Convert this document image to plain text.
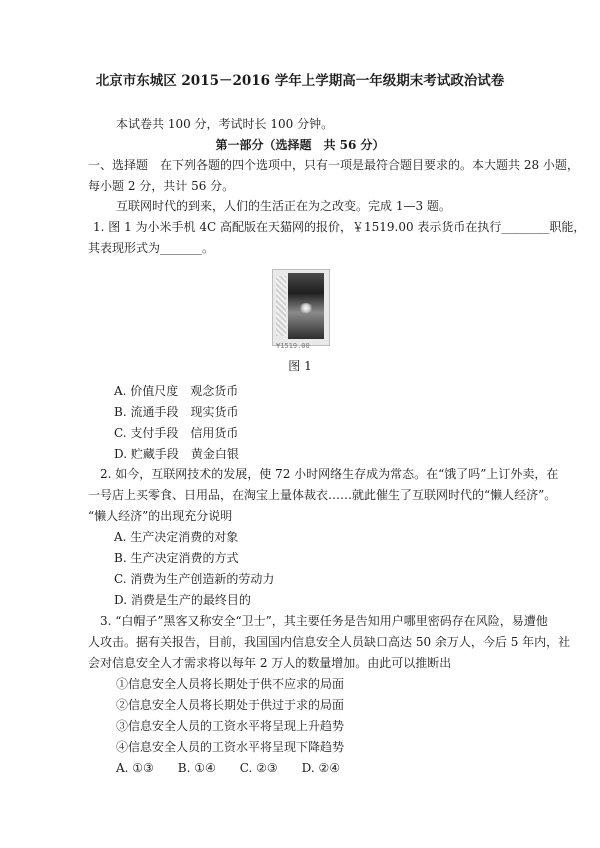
北京市东城区 2015－2016 学年上学期高一年级期末考试政治试卷
本试卷共 100 分，考试时长 100 分钟。
第一部分（选择题　共 56 分）
一、选择题　在下列各题的四个选项中，只有一项是最符合题目要求的。本大题共 28 小题，
每小题 2 分，共计 56 分。
互联网时代的到来，人们的生活正在为之改变。完成 1—3 题。
1. 图 1 为小米手机 4C 高配版在天猫网的报价，￥1519.00 表示货币在执行________职能，
其表现形式为_______。
¥1519.00
图 1
A. 价值尺度　观念货币
B. 流通手段　现实货币
C. 支付手段　信用货币
D. 贮藏手段　黄金白银
2. 如今，互联网技术的发展，使 72 小时网络生存成为常态。在“饿了吗”上订外卖，在
一号店上买零食、日用品，在淘宝上量体裁衣……就此催生了互联网时代的“懒人经济”。
“懒人经济”的出现充分说明
A. 生产决定消费的对象
B. 生产决定消费的方式
C. 消费为生产创造新的劳动力
D. 消费是生产的最终目的
3. “白帽子”黑客又称安全“卫士”，其主要任务是告知用户哪里密码存在风险，易遭他
人攻击。据有关报告，目前，我国国内信息安全人员缺口高达 50 余万人，今后 5 年内，社
会对信息安全人才需求将以每年 2 万人的数量增加。由此可以推断出
①信息安全人员将长期处于供不应求的局面
②信息安全人员将长期处于供过于求的局面
③信息安全人员的工资水平将呈现上升趋势
④信息安全人员的工资水平将呈现下降趋势
A. ①③　　B. ①④　　C. ②③　　D. ②④
